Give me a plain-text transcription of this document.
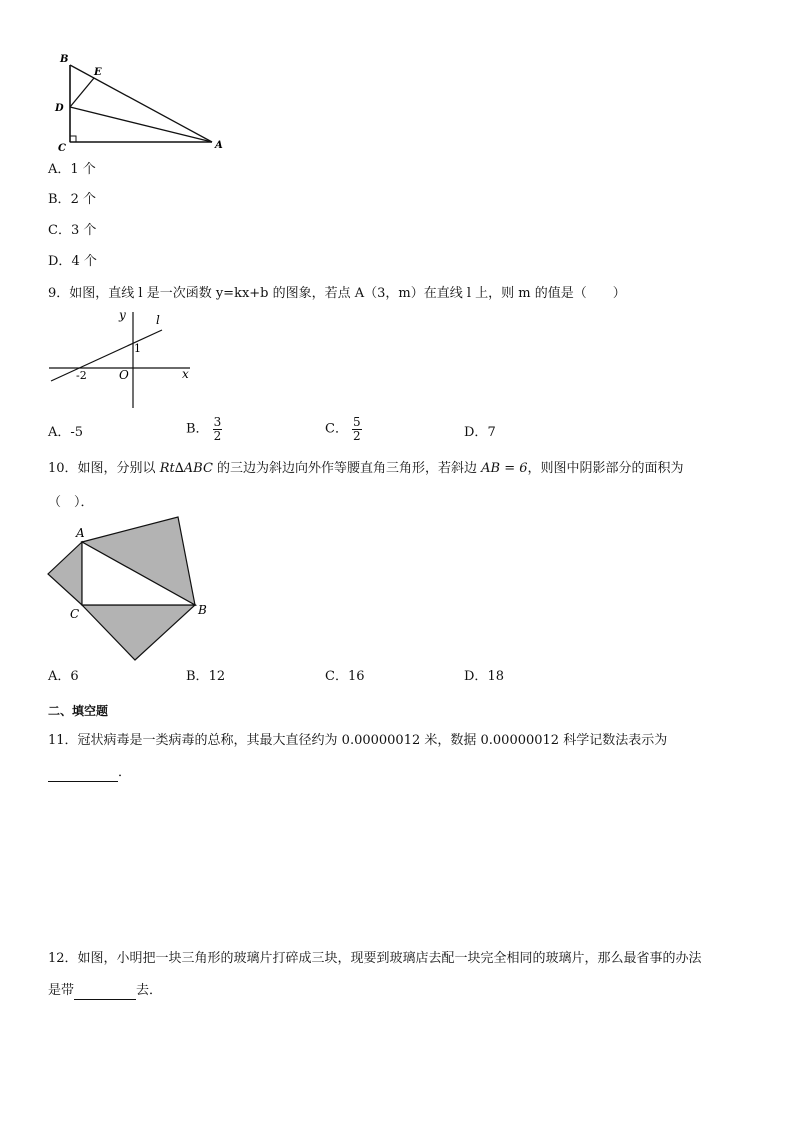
B
E
D
C	A
A．1 个
B．2 个
C．3 个
D．4 个
9．如图，直线 l 是一次函数 y=kx+b 的图象，若点 A（3，m）在直线 l 上，则 m 的值是（　　）
y	l
1
-2	O	x
A．-5	B． $\frac{3}{2}$	C． $\frac{5}{2}$	D．7
10．如图，分别以 Rt∆ABC 的三边为斜边向外作等腰直角三角形，若斜边 AB = 6，则图中阴影部分的面积为
（　）．
A
C	B
A．6	B．12	C．16	D．18
二、填空题
11．冠状病毒是一类病毒的总称，其最大直径约为 0.00000012 米，数据 0.00000012 科学记数法表示为
．
12．如图，小明把一块三角形的玻璃片打碎成三块，现要到玻璃店去配一块完全相同的玻璃片，那么最省事的办法
是带	去．
